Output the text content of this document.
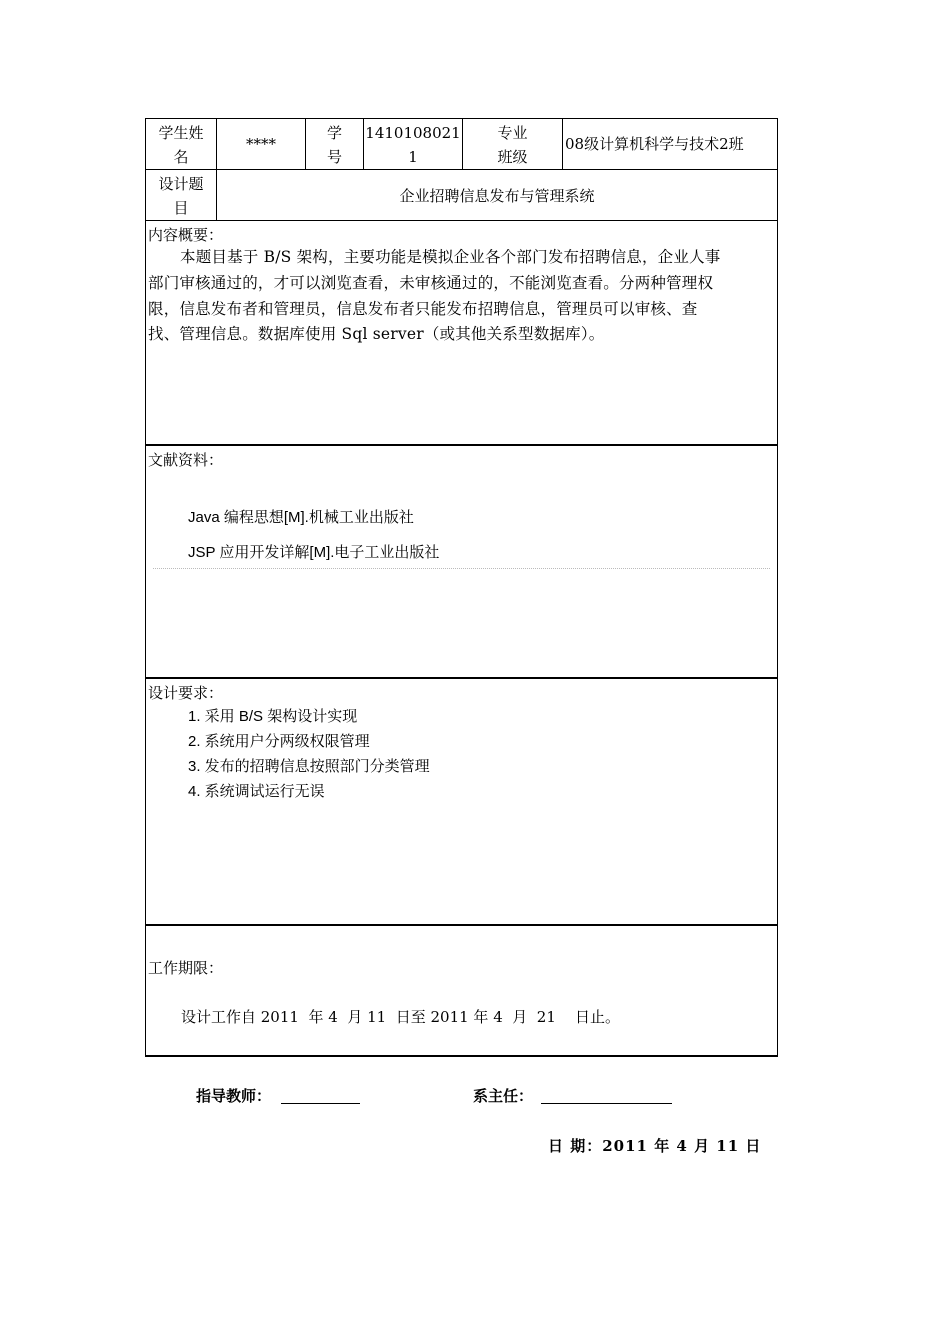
学生姓
名
****
学
号
1410108021
1
专业
班级
08级计算机科学与技术2班
设计题
目
企业招聘信息发布与管理系统
内容概要：
本题目基于 B/S 架构，主要功能是模拟企业各个部门发布招聘信息，企业人事
部门审核通过的，才可以浏览查看，未审核通过的，不能浏览查看。分两种管理权
限，信息发布者和管理员，信息发布者只能发布招聘信息，管理员可以审核、查
找、管理信息。数据库使用 Sql server（或其他关系型数据库）。
文献资料：
Java 编程思想[M].机械工业出版社
JSP 应用开发详解[M].电子工业出版社
设计要求：
1. 采用 B/S 架构设计实现
2. 系统用户分两级权限管理
3. 发布的招聘信息按照部门分类管理
4. 系统调试运行无误
工作期限：
设计工作自 2011  年 4  月 11  日至 2011 年 4  月  21    日止。
指导教师：	系主任：
日 期：2011 年 4 月 11 日
